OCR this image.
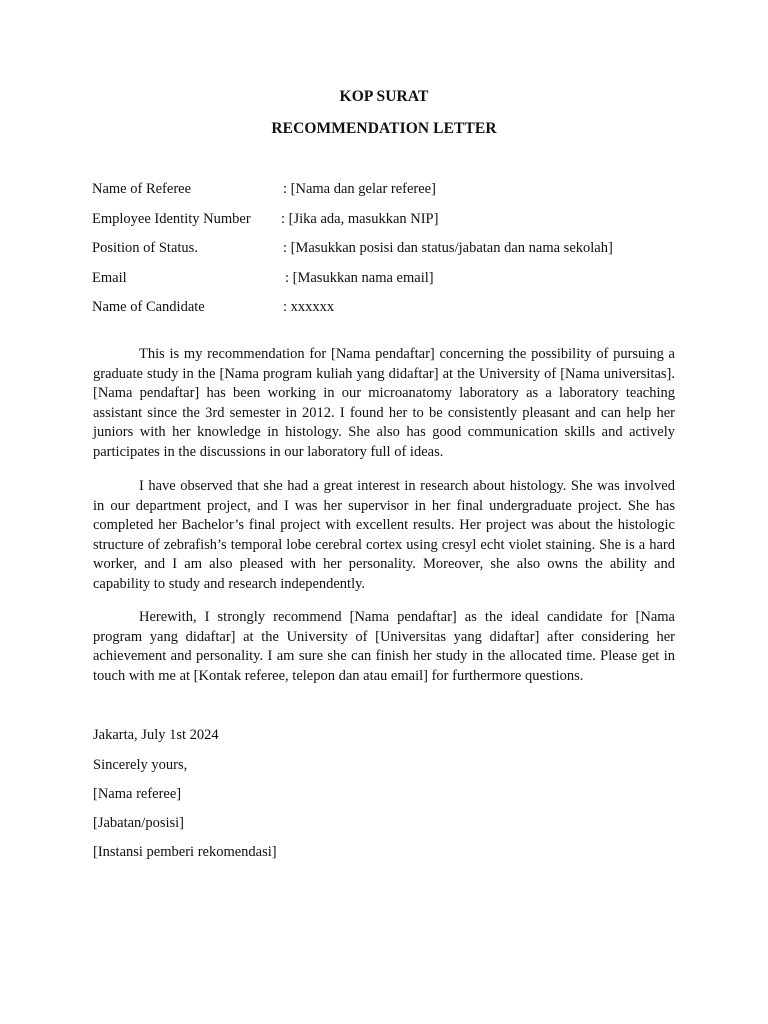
KOP SURAT
RECOMMENDATION LETTER
Name of Referee	: [Nama dan gelar referee]
Employee Identity Number : [Jika ada, masukkan NIP]
Position of Status.	: [Masukkan posisi dan status/jabatan dan nama sekolah]
Email	: [Masukkan nama email]
Name of Candidate	: xxxxxx

This is my recommendation for [Nama pendaftar] concerning the possibility of pursuing a graduate study in the [Nama program kuliah yang didaftar] at the University of [Nama universitas]. [Nama pendaftar] has been working in our microanatomy laboratory as a laboratory teaching assistant since the 3rd semester in 2012. I found her to be consistently pleasant and can help her juniors with her knowledge in histology. She also has good communication skills and actively participates in the discussions in our laboratory full of ideas.

I have observed that she had a great interest in research about histology. She was involved in our department project, and I was her supervisor in her final undergraduate project. She has completed her Bachelor’s final project with excellent results. Her project was about the histologic structure of zebrafish’s temporal lobe cerebral cortex using cresyl echt violet staining. She is a hard worker, and I am also pleased with her personality. Moreover, she also owns the ability and capability to study and research independently.

Herewith, I strongly recommend [Nama pendaftar] as the ideal candidate for [Nama program yang didaftar] at the University of [Universitas yang didaftar] after considering her achievement and personality. I am sure she can finish her study in the allocated time. Please get in touch with me at [Kontak referee, telepon dan atau email] for furthermore questions.

Jakarta, July 1st 2024
Sincerely yours,
[Nama referee]
[Jabatan/posisi]
[Instansi pemberi rekomendasi]
